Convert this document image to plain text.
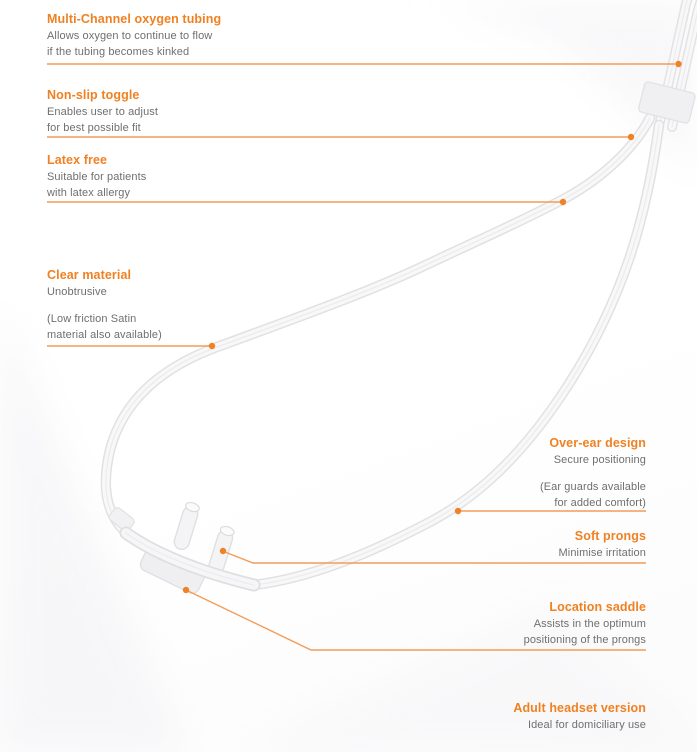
Multi-Channel oxygen tubing
Allows oxygen to continue to flow
if the tubing becomes kinked
Non-slip toggle
Enables user to adjust
for best possible fit
Latex free
Suitable for patients
with latex allergy
Clear material
Unobtrusive
(Low friction Satin
material also available)
Over-ear design
Secure positioning
(Ear guards available
for added comfort)
Soft prongs
Minimise irritation
Location saddle
Assists in the optimum
positioning of the prongs
Adult headset version
Ideal for domiciliary use
